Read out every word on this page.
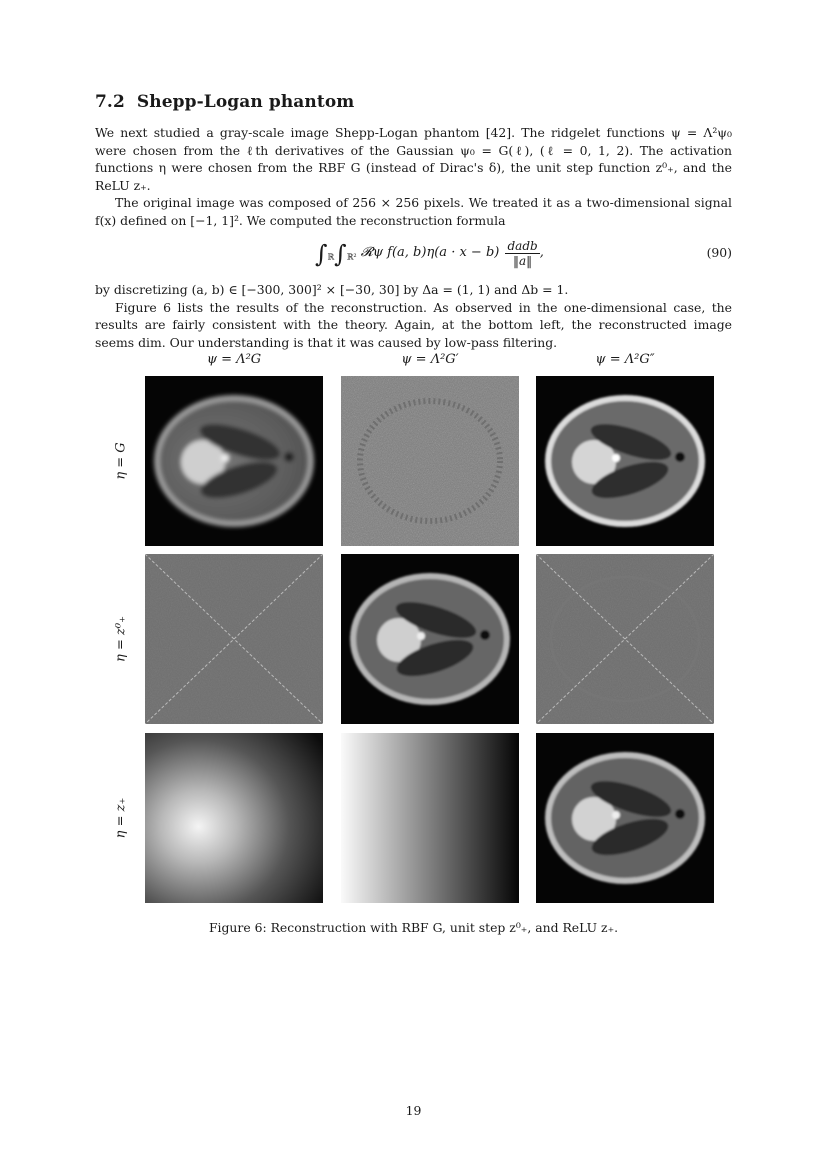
7.2 Shepp-Logan phantom

We next studied a gray-scale image Shepp-Logan phantom [42]. The ridgelet functions ψ = Λ²ψ₀ were chosen from the ℓth derivatives of the Gaussian ψ₀ = G(ℓ), (ℓ = 0, 1, 2). The activation functions η were chosen from the RBF G (instead of Dirac's δ), the unit step function z⁰₊, and the ReLU z₊.

The original image was composed of 256 × 256 pixels. We treated it as a two-dimensional signal f(x) defined on [−1, 1]². We computed the reconstruction formula

$\int_ℝ\int_{ℝ^2}$ 𝓡ψ f(a, $b)\eta(a \cdot x - b) \frac{\text{dadb}}{‖a‖}$ ,	(90)

by discretizing (a, b) ∈ [−300, 300]² × [−30, 30] by Δa = (1, 1) and Δb = 1.

Figure 6 lists the results of the reconstruction. As observed in the one-dimensional case, the results are fairly consistent with the theory. Again, at the bottom left, the reconstructed image seems dim. Our understanding is that it was caused by low-pass filtering.

ψ = Λ²G	ψ = Λ²G′	ψ = Λ²G″
η = G
η = z⁰₊
η = z₊
Figure 6: Reconstruction with RBF G, unit step z⁰₊, and ReLU z₊.
19
